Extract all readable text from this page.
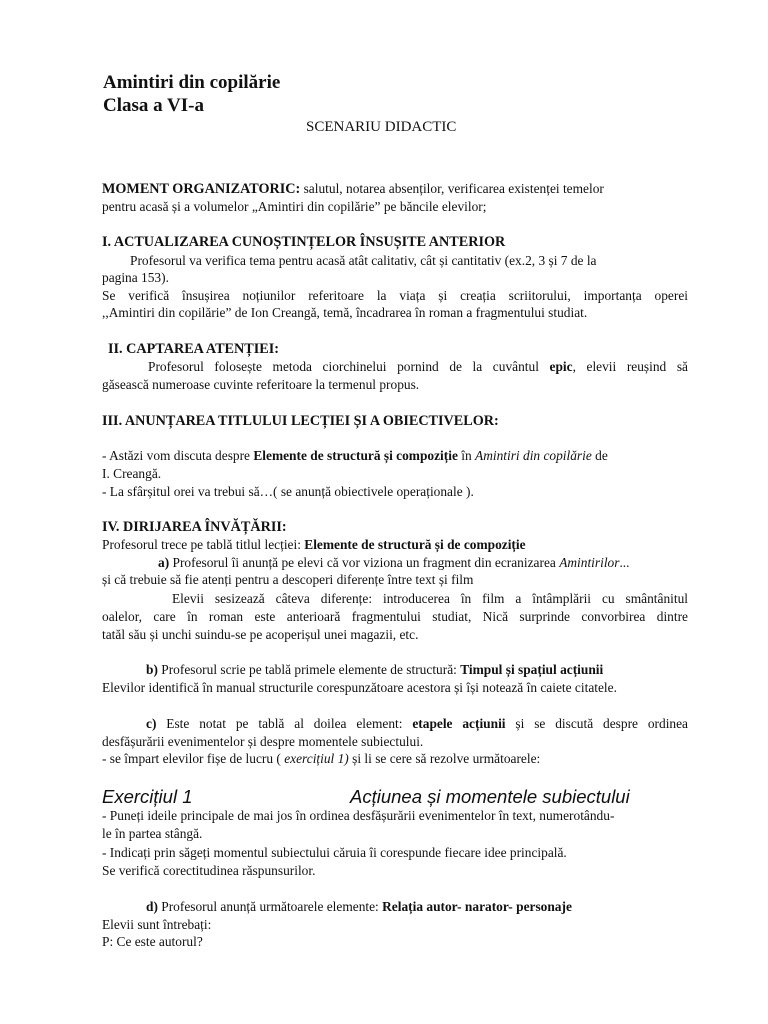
Amintiri din copilărie
Clasa a VI-a
SCENARIU DIDACTIC
MOMENT ORGANIZATORIC: salutul, notarea absenților, verificarea existenței temelor
pentru acasă și a volumelor „Amintiri din copilărie” pe băncile elevilor;
I. ACTUALIZAREA CUNOȘTINȚELOR ÎNSUȘITE ANTERIOR
Profesorul va verifica tema pentru acasă atât calitativ, cât și cantitativ (ex.2, 3 și 7 de la
pagina 153).
Se verifică însușirea noțiunilor referitoare la viața și creația scriitorului, importanța operei
,,Amintiri din copilărie” de Ion Creangă, temă, încadrarea în roman a fragmentului studiat.
II. CAPTAREA ATENȚIEI:
Profesorul folosește metoda ciorchinelui pornind de la cuvântul epic, elevii reușind să
găsească numeroase cuvinte referitoare la termenul propus.
III. ANUNȚAREA TITLULUI LECȚIEI ȘI A OBIECTIVELOR:
- Astăzi vom discuta despre Elemente de structură și compoziție în Amintiri din copilărie de
I. Creangă.
- La sfârșitul orei va trebui să…( se anunță obiectivele operaționale ).
IV. DIRIJAREA ÎNVĂȚĂRII:
Profesorul trece pe tablă titlul lecției: Elemente de structură și de compoziție
a) Profesorul îi anunță pe elevi că vor viziona un fragment din ecranizarea Amintirilor...
și că trebuie să fie atenți pentru a descoperi diferențe între text și film
Elevii sesizează câteva diferențe: introducerea în film a întâmplării cu smântânitul
oalelor, care în roman este anterioară fragmentului studiat, Nică surprinde convorbirea dintre
tatăl său și unchi suindu-se pe acoperișul unei magazii, etc.
b) Profesorul scrie pe tablă primele elemente de structură: Timpul și spațiul acțiunii
Elevilor identifică în manual structurile corespunzătoare acestora și își notează în caiete citatele.
c) Este notat pe tablă al doilea element: etapele acțiunii și se discută despre ordinea
desfășurării evenimentelor și despre momentele subiectului.
- se împart elevilor fișe de lucru ( exercițiul 1) și li se cere să rezolve următoarele:
Exercițiul 1	Acțiunea și momentele subiectului
- Puneți ideile principale de mai jos în ordinea desfășurării evenimentelor în text, numerotându-
le în partea stângă.
- Indicați prin săgeți momentul subiectului căruia îi corespunde fiecare idee principală.
Se verifică corectitudinea răspunsurilor.
d) Profesorul anunță următoarele elemente: Relația autor- narator- personaje
Elevii sunt întrebați:
P: Ce este autorul?
